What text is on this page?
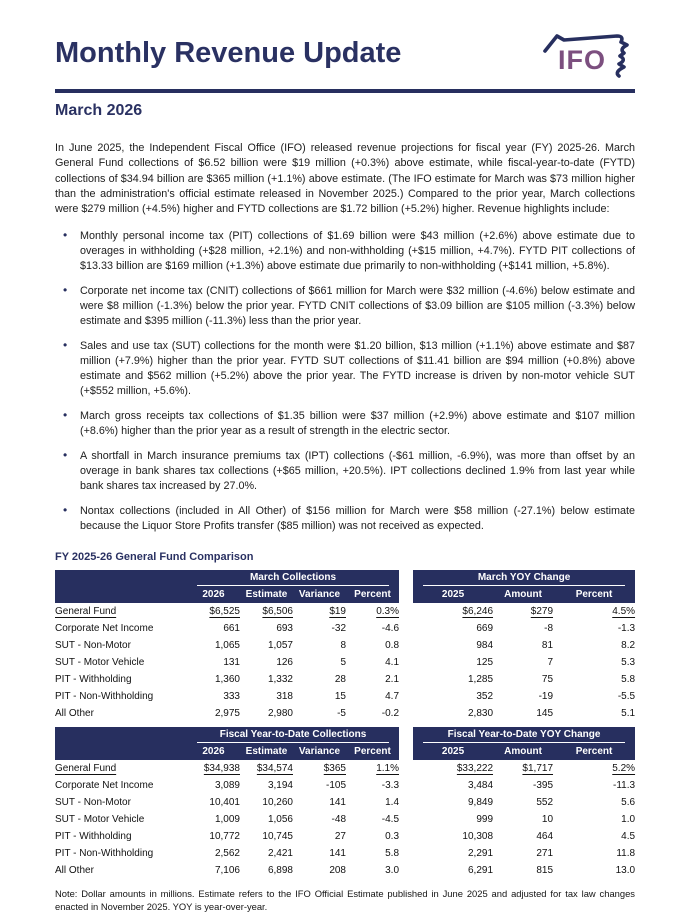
Monthly Revenue Update	IFO
March 2026

In June 2025, the Independent Fiscal Office (IFO) released revenue projections for fiscal year (FY) 2025-26. March General Fund collections of $6.52 billion were $19 million (+0.3%) above estimate, while fiscal-year-to-date (FYTD) collections of $34.94 billion are $365 million (+1.1%) above estimate. (The IFO estimate for March was $73 million higher than the administration's official estimate released in November 2025.) Compared to the prior year, March collections were $279 million (+4.5%) higher and FYTD collections are $1.72 billion (+5.2%) higher. Revenue highlights include:

• Monthly personal income tax (PIT) collections of $1.69 billion were $43 million (+2.6%) above estimate due to overages in withholding (+$28 million, +2.1%) and non-withholding (+$15 million, +4.7%). FYTD PIT collections of $13.33 billion are $169 million (+1.3%) above estimate due primarily to non-withholding (+$141 million, +5.8%).
• Corporate net income tax (CNIT) collections of $661 million for March were $32 million (-4.6%) below estimate and were $8 million (-1.3%) below the prior year. FYTD CNIT collections of $3.09 billion are $105 million (-3.3%) below estimate and $395 million (-11.3%) less than the prior year.
• Sales and use tax (SUT) collections for the month were $1.20 billion, $13 million (+1.1%) above estimate and $87 million (+7.9%) higher than the prior year. FYTD SUT collections of $11.41 billion are $94 million (+0.8%) above estimate and $562 million (+5.2%) above the prior year. The FYTD increase is driven by non-motor vehicle SUT (+$552 million, +5.6%).
• March gross receipts tax collections of $1.35 billion were $37 million (+2.9%) above estimate and $107 million (+8.6%) higher than the prior year as a result of strength in the electric sector.
• A shortfall in March insurance premiums tax (IPT) collections (-$61 million, -6.9%), was more than offset by an overage in bank shares tax collections (+$65 million, +20.5%). IPT collections declined 1.9% from last year while bank shares tax increased by 27.0%.
• Nontax collections (included in All Other) of $156 million for March were $58 million (-27.1%) below estimate because the Liquor Store Profits transfer ($85 million) was not received as expected.
FY 2025-26 General Fund Comparison

	March Collections					March YOY Change		

	2026	Estimate	Variance	Percent		2025	Amount	Percent
General Fund	$6,525	$6,506	$19	0.3%		$6,246	$279	4.5%
Corporate Net Income	661	693	-32	-4.6		669	-8	-1.3
SUT - Non-Motor	1,065	1,057	8	0.8		984	81	8.2
SUT - Motor Vehicle	131	126	5	4.1		125	7	5.3
PIT - Withholding	1,360	1,332	28	2.1		1,285	75	5.8
PIT - Non-Withholding	333	318	15	4.7		352	-19	-5.5
All Other	2,975	2,980	-5	-0.2		2,830	145	5.1

	Fiscal Year-to-Date Collections					Fiscal Year-to-Date YOY Change		

	2026	Estimate	Variance	Percent		2025	Amount	Percent
General Fund	$34,938	$34,574	$365	1.1%		$33,222	$1,717	5.2%
Corporate Net Income	3,089	3,194	-105	-3.3		3,484	-395	-11.3
SUT - Non-Motor	10,401	10,260	141	1.4		9,849	552	5.6
SUT - Motor Vehicle	1,009	1,056	-48	-4.5		999	10	1.0
PIT - Withholding	10,772	10,745	27	0.3		10,308	464	4.5
PIT - Non-Withholding	2,562	2,421	141	5.8		2,291	271	11.8
All Other	7,106	6,898	208	3.0		6,291	815	13.0

Note: Dollar amounts in millions. Estimate refers to the IFO Official Estimate published in June 2025 and adjusted for tax law changes enacted in November 2025. YOY is year-over-year.
